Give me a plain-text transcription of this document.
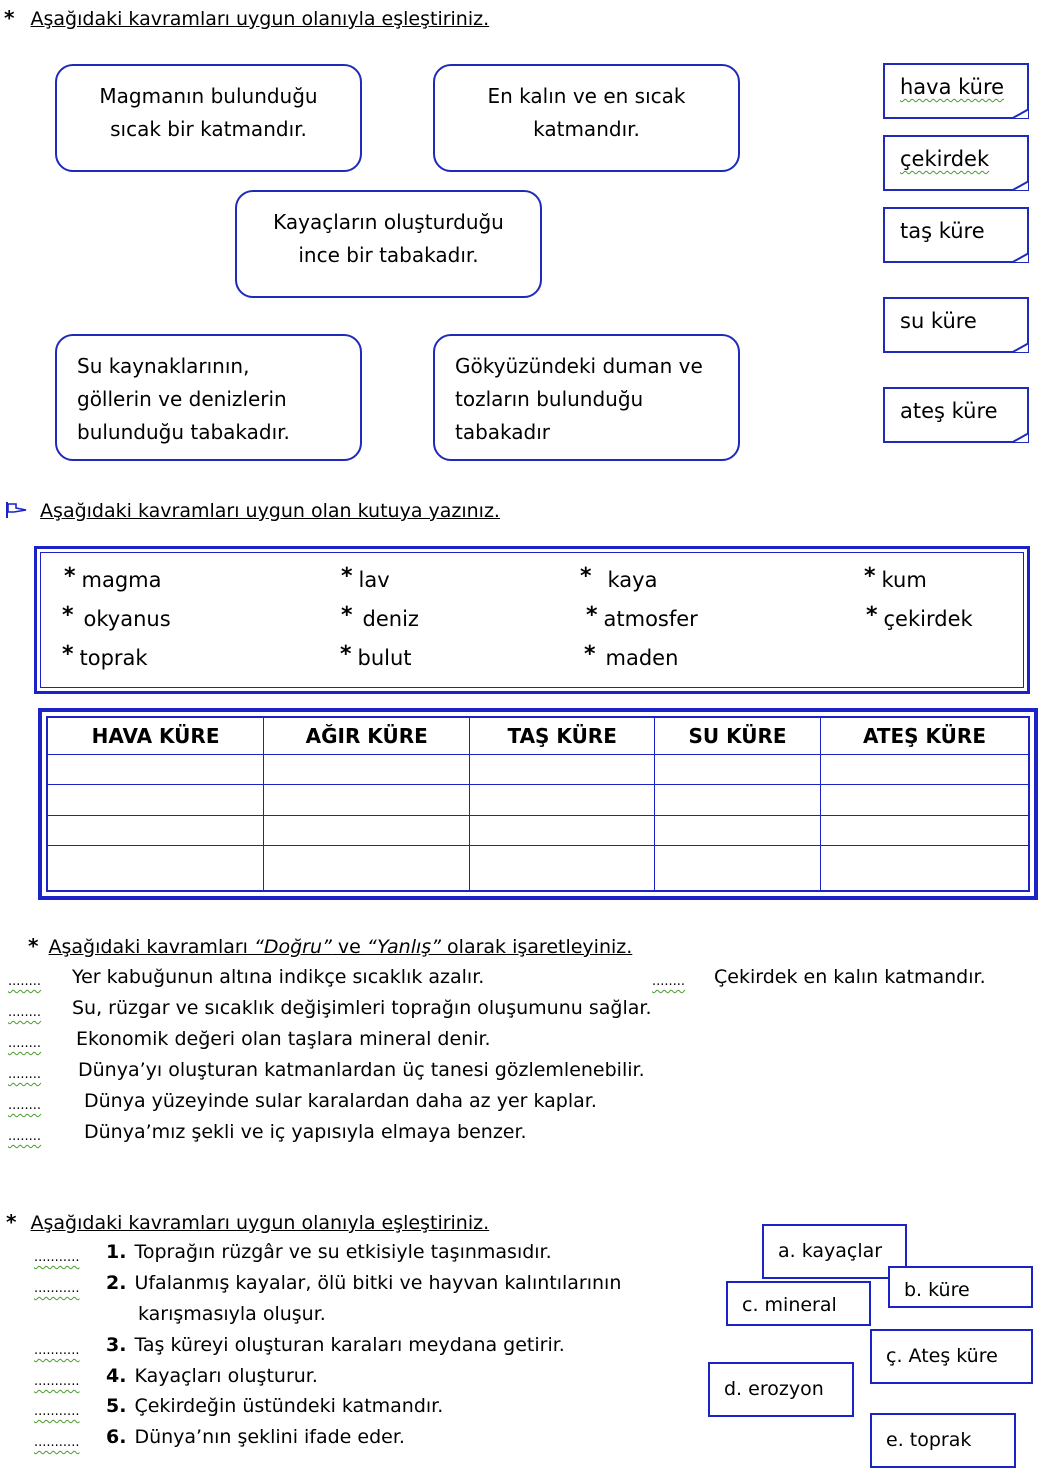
* Aşağıdaki kavramları uygun olanıyla eşleştiriniz.
Magmanın bulunduğu
sıcak bir katmandır.
En kalın ve en sıcak
katmandır.
Kayaçların oluşturduğu
ince bir tabakadır.
Su kaynaklarının,
göllerin ve denizlerin
bulunduğu tabakadır.
Gökyüzündeki duman ve
tozların bulunduğu
tabakadır
hava küre
çekirdek
taş küre
su küre
ateş küre
Aşağıdaki kavramları uygun olan kutuya yazınız.
* magma	* lav	* kaya	* kum
* okyanus	* deniz	* atmosfer	* çekirdek
* toprak	* bulut	* maden
HAVA KÜRE	AĞIR KÜRE	TAŞ KÜRE	SU KÜRE	ATEŞ KÜRE

* Aşağıdaki kavramları “Doğru” ve “Yanlış” olarak işaretleyiniz.
........ Yer kabuğunun altına indikçe sıcaklık azalır.	........ Çekirdek en kalın katmandır.
........ Su, rüzgar ve sıcaklık değişimleri toprağın oluşumunu sağlar.
........ Ekonomik değeri olan taşlara mineral denir.
........ Dünya’yı oluşturan katmanlardan üç tanesi gözlemlenebilir.
........ Dünya yüzeyinde sular karalardan daha az yer kaplar.
........ Dünya’mız şekli ve iç yapısıyla elmaya benzer.
* Aşağıdaki kavramları uygun olanıyla eşleştiriniz.
........... 1. Toprağın rüzgâr ve su etkisiyle taşınmasıdır.
........... 2. Ufalanmış kayalar, ölü bitki ve hayvan kalıntılarının
karışmasıyla oluşur.
........... 3. Taş küreyi oluşturan karaları meydana getirir.
........... 4. Kayaçları oluşturur.
........... 5. Çekirdeğin üstündeki katmandır.
........... 6. Dünya’nın şeklini ifade eder.
a. kayaçlar
b. küre
c. mineral
ç. Ateş küre
d. erozyon
e. toprak
